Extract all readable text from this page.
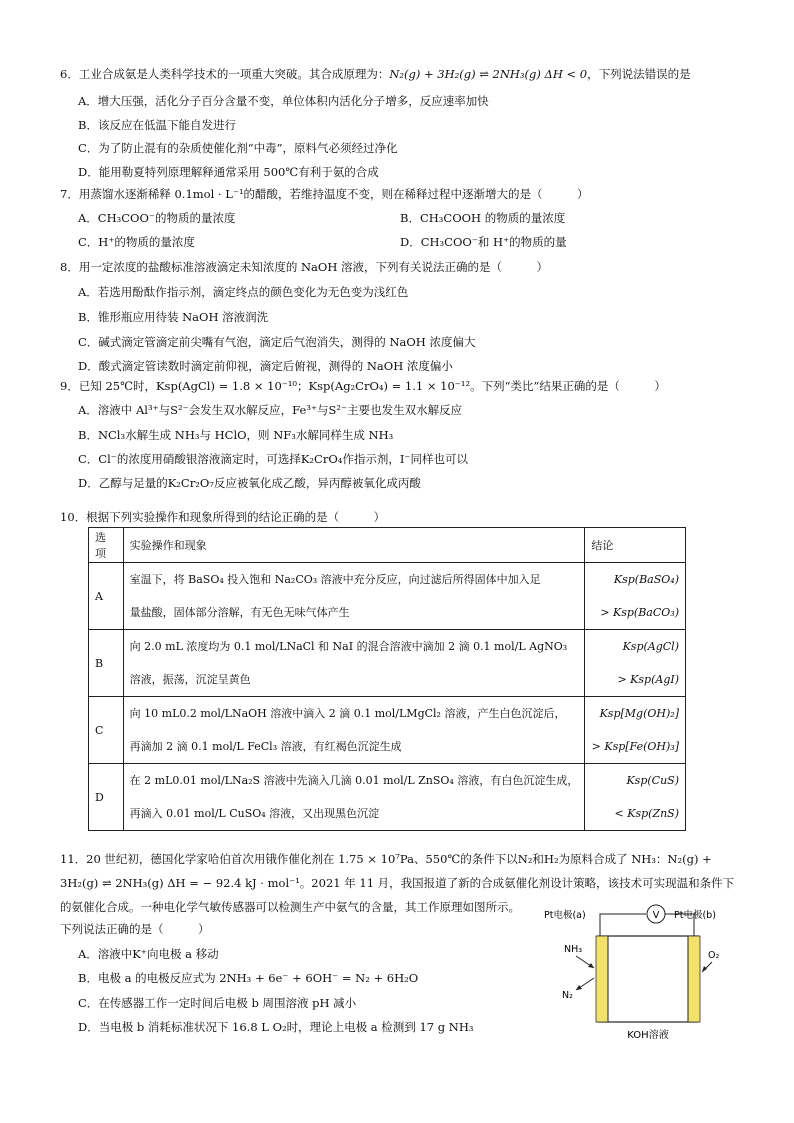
6．工业合成氨是人类科学技术的一项重大突破。其合成原理为：N₂(g) + 3H₂(g) ⇌ 2NH₃(g) ΔH < 0，下列说法错误的是
A．增大压强，活化分子百分含量不变，单位体积内活化分子增多，反应速率加快
B．该反应在低温下能自发进行
C．为了防止混有的杂质使催化剂“中毒”，原料气必须经过净化
D．能用勒夏特列原理解释通常采用 500℃有利于氨的合成
7．用蒸馏水逐渐稀释 0.1mol · L⁻¹的醋酸，若维持温度不变，则在稀释过程中逐渐增大的是（　　　）
A．CH₃COO⁻的物质的量浓度	B．CH₃COOH 的物质的量浓度
C．H⁺的物质的量浓度	D．CH₃COO⁻和 H⁺的物质的量
8．用一定浓度的盐酸标准溶液滴定未知浓度的 NaOH 溶液，下列有关说法正确的是（　　　）
A．若选用酚酞作指示剂，滴定终点的颜色变化为无色变为浅红色
B．锥形瓶应用待装 NaOH 溶液润洗
C．碱式滴定管滴定前尖嘴有气泡，滴定后气泡消失，测得的 NaOH 浓度偏大
D．酸式滴定管读数时滴定前仰视，滴定后俯视，测得的 NaOH 浓度偏小
9．已知 25℃时，Ksp(AgCl) = 1.8 × 10⁻¹⁰；Ksp(Ag₂CrO₄) = 1.1 × 10⁻¹²。下列“类比”结果正确的是（　　　）
A．溶液中 Al³⁺与S²⁻会发生双水解反应，Fe³⁺与S²⁻主要也发生双水解反应
B．NCl₃水解生成 NH₃与 HClO，则 NF₃水解同样生成 NH₃
C．Cl⁻的浓度用硝酸银溶液滴定时，可选择K₂CrO₄作指示剂，I⁻同样也可以
D．乙醇与足量的K₂Cr₂O₇反应被氧化成乙酸，异丙醇被氧化成丙酸
10．根据下列实验操作和现象所得到的结论正确的是（　　　）
选项	实验操作和现象	结论
A	室温下，将 BaSO₄ 投入饱和 Na₂CO₃ 溶液中充分反应，向过滤后所得固体中加入足
量盐酸，固体部分溶解，有无色无味气体产生	Ksp(BaSO₄)
> Ksp(BaCO₃)

B	向 2.0 mL 浓度均为 0.1 mol/LNaCl 和 NaI 的混合溶液中滴加 2 滴 0.1 mol/L AgNO₃
溶液，振荡，沉淀呈黄色	Ksp(AgCl)
> Ksp(AgI)

C	向 10 mL0.2 mol/LNaOH 溶液中滴入 2 滴 0.1 mol/LMgCl₂ 溶液，产生白色沉淀后，
再滴加 2 滴 0.1 mol/L FeCl₃ 溶液，有红褐色沉淀生成	Ksp[Mg(OH)₂]
> Ksp[Fe(OH)₃]

D	在 2 mL0.01 mol/LNa₂S 溶液中先滴入几滴 0.01 mol/L ZnSO₄ 溶液，有白色沉淀生成，
再滴入 0.01 mol/L CuSO₄ 溶液，又出现黑色沉淀	Ksp(CuS)
< Ksp(ZnS)
11．20 世纪初，德国化学家哈伯首次用锇作催化剂在 1.75 × 10⁷Pa、550℃的条件下以N₂和H₂为原料合成了 NH₃：N₂(g) +
3H₂(g) ⇌ 2NH₃(g) ΔH = − 92.4 kJ · mol⁻¹。2021 年 11 月，我国报道了新的合成氨催化剂设计策略，该技术可实现温和条件下
的氨催化合成。一种电化学气敏传感器可以检测生产中氨气的含量，其工作原理如图所示。
下列说法正确的是（　　　）
A．溶液中K⁺向电极 a 移动
B．电极 a 的电极反应式为 2NH₃ + 6e⁻ + 6OH⁻ = N₂ + 6H₂O
C．在传感器工作一定时间后电极 b 周围溶液 pH 减小
D．当电极 b 消耗标准状况下 16.8 L O₂时，理论上电极 a 检测到 17 g NH₃
V
Pt电极(a)	Pt电极(b)
NH₃
N₂
O₂
KOH溶液
